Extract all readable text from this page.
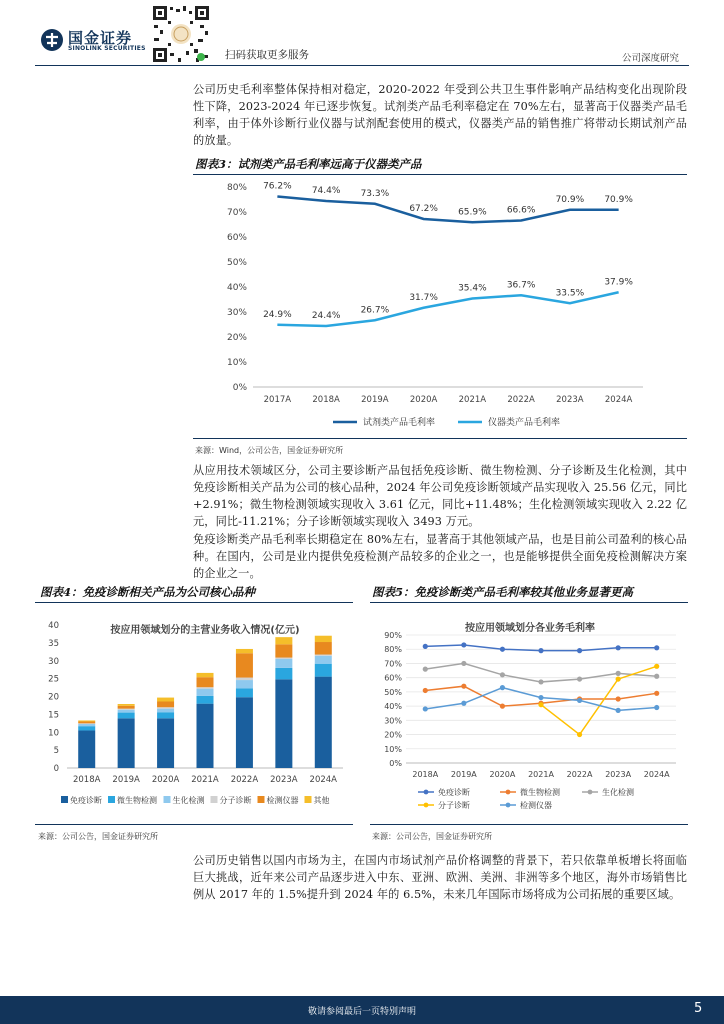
国金证券
SINOLINK SECURITIES
扫码获取更多服务	公司深度研究
公司历史毛利率整体保持相对稳定，2020-2022 年受到公共卫生事件影响产品结构变化出现阶段性下降，2023-2024 年已逐步恢复。试剂类产品毛利率稳定在 70%左右，显著高于仪器类产品毛利率，由于体外诊断行业仪器与试剂配套使用的模式，仪器类产品的销售推广将带动长期试剂产品的放量。
图表3：试剂类产品毛利率远高于仪器类产品
0%
10%
20%
30%
40%
50%
60%
70%
80%
2017A	2018A	2019A	2020A	2021A	2022A	2023A	2024A
76.2% 74.4% 73.3%
67.2% 65.9% 66.6%
70.9% 70.9%
24.9% 24.4%
26.7%
31.7%
35.4% 36.7%
33.5%
37.9%
试剂类产品毛利率	仪器类产品毛利率
来源：Wind，公司公告，国金证券研究所
从应用技术领域区分，公司主要诊断产品包括免疫诊断、微生物检测、分子诊断及生化检测，其中免疫诊断相关产品为公司的核心品种，2024 年公司免疫诊断领域产品实现收入 25.56 亿元，同比+2.91%；微生物检测领域实现收入 3.61 亿元，同比+11.48%；生化检测领域实现收入 2.22 亿元，同比-11.21%；分子诊断领域实现收入 3493 万元。
免疫诊断类产品毛利率长期稳定在 80%左右，显著高于其他领域产品，也是目前公司盈利的核心品种。在国内，公司是业内提供免疫检测产品较多的企业之一，也是能够提供全面免疫检测解决方案的企业之一。
图表4：免疫诊断相关产品为公司核心品种	图表5：免疫诊断类产品毛利率较其他业务显著更高
按应用领域划分的主营业务收入情况(亿元)
0
5
10
15
20
25
30
35
40
2018A 2019A 2020A 2021A 2022A 2023A 2024A
免疫诊断 微生物检测 生化检测 分子诊断 检测仪器 其他
按应用领域划分各业务毛利率
0%
10%
20%
30%
40%
50%
60%
70%
80%
90%
2018A 2019A 2020A 2021A 2022A 2023A 2024A
免疫诊断	微生物检测	生化检测
分子诊断	检测仪器
来源：公司公告，国金证券研究所	来源：公司公告，国金证券研究所
公司历史销售以国内市场为主，在国内市场试剂产品价格调整的背景下，若只依靠单板增长将面临巨大挑战，近年来公司产品逐步进入中东、亚洲、欧洲、美洲、非洲等多个地区，海外市场销售比例从 2017 年的 1.5%提升到 2024 年的 6.5%，未来几年国际市场将成为公司拓展的重要区域。
敬请参阅最后一页特别声明	5
